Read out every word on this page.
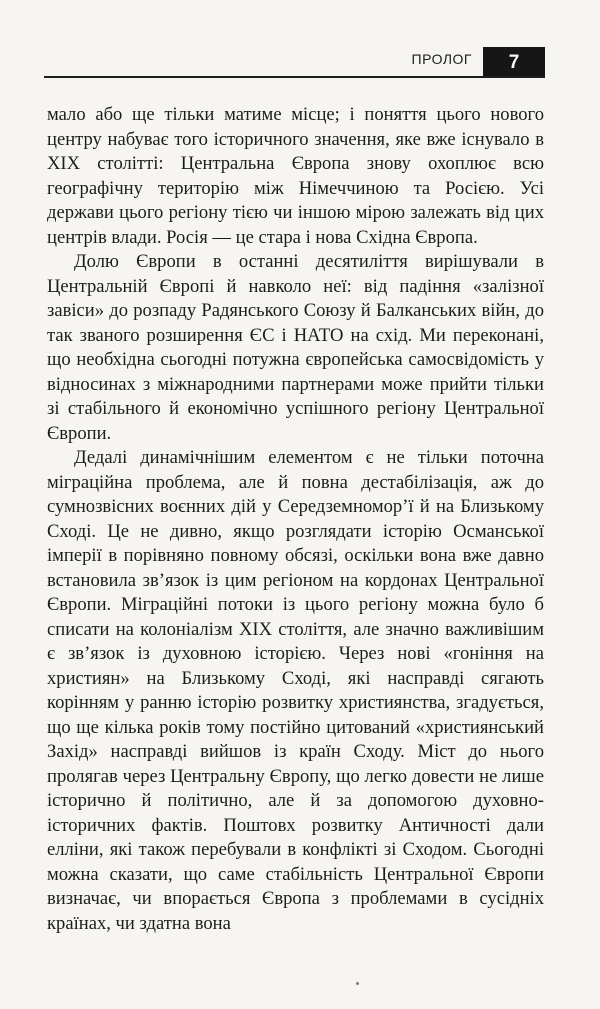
ПРОЛОГ	7

мало або ще тільки матиме місце; і поняття цього нового центру набуває того історичного значення, яке вже існувало в XIX столітті: Центральна Європа знову охоплює всю географічну територію між Німеччиною та Росією. Усі держави цього регіону тією чи іншою мірою залежать від цих центрів влади. Росія — це стара і нова Східна Європа.

Долю Європи в останні десятиліття вирішували в Центральній Європі й навколо неї: від падіння «залізної завіси» до розпаду Радянського Союзу й Балканських війн, до так званого розширення ЄС і НАТО на схід. Ми переконані, що необхідна сьогодні потужна європейська самосвідомість у відносинах з міжнародними партнерами може прийти тільки зі стабільного й економічно успішного регіону Центральної Європи.

Дедалі динамічнішим елементом є не тільки поточна міграційна проблема, але й повна дестабілізація, аж до сумнозвісних воєнних дій у Середземномор’ї й на Близькому Сході. Це не дивно, якщо розглядати історію Османської імперії в порівняно повному обсязі, оскільки вона вже давно встановила зв’язок із цим регіоном на кордонах Центральної Європи. Міграційні потоки із цього регіону можна було б списати на колоніалізм XIX століття, але значно важливішим є зв’язок із духовною історією. Через нові «гоніння на християн» на Близькому Сході, які насправді сягають корінням у ранню історію розвитку християнства, згадується, що ще кілька років тому постійно цитований «християнський Захід» насправді вийшов із країн Сходу. Міст до нього пролягав через Центральну Європу, що легко довести не лише історично й політично, але й за допомогою духовно-історичних фактів. Поштовх розвитку Античності дали елліни, які також перебували в конфлікті зі Сходом. Сьогодні можна сказати, що саме стабільність Центральної Європи визначає, чи впорається Європа з проблемами в сусідніх країнах, чи здатна вона
